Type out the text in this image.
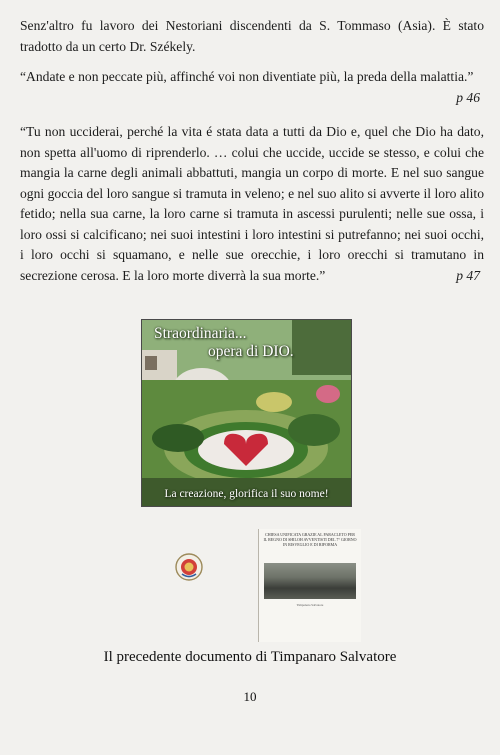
Senz'altro fu lavoro dei Nestoriani discendenti da S. Tommaso (Asia). È stato tradotto da un certo Dr. Székely.

“Andate e non peccate più, affinché voi non diventiate più, la preda della malattia.”
p 46

“Tu non ucciderai, perché la vita é stata data a tutti da Dio e, quel che Dio ha dato, non spetta all'uomo di riprenderlo. … colui che uccide, uccide se stesso, e colui che mangia la carne degli animali abbattuti, mangia un corpo di morte. E nel suo sangue ogni goccia del loro sangue si tramuta in veleno; e nel suo alito si avverte il loro alito fetido; nella sua carne, la loro carne si tramuta in ascessi purulenti; nelle sue ossa, i loro ossi si calcificano; nei suoi intestini i loro intestini si putrefanno; nei suoi occhi, i loro occhi si squamano, e nelle sue orecchie, i loro orecchi si tramutano in secrezione cerosa. E la loro morte diverrà la sua morte.”	p 47

Straordinaria...
opera di DIO.
La creazione, glorifica il suo nome!
CHIESA UNIFICATA GRAZIE AL PARACLETO PER IL REGNO DI SHILOH AVVENTISTI DEL 7° GIORNO IN RISVEGLIO E DI RIFORMA
Timpanaro Salvatore
Il precedente documento di Timpanaro Salvatore
10
